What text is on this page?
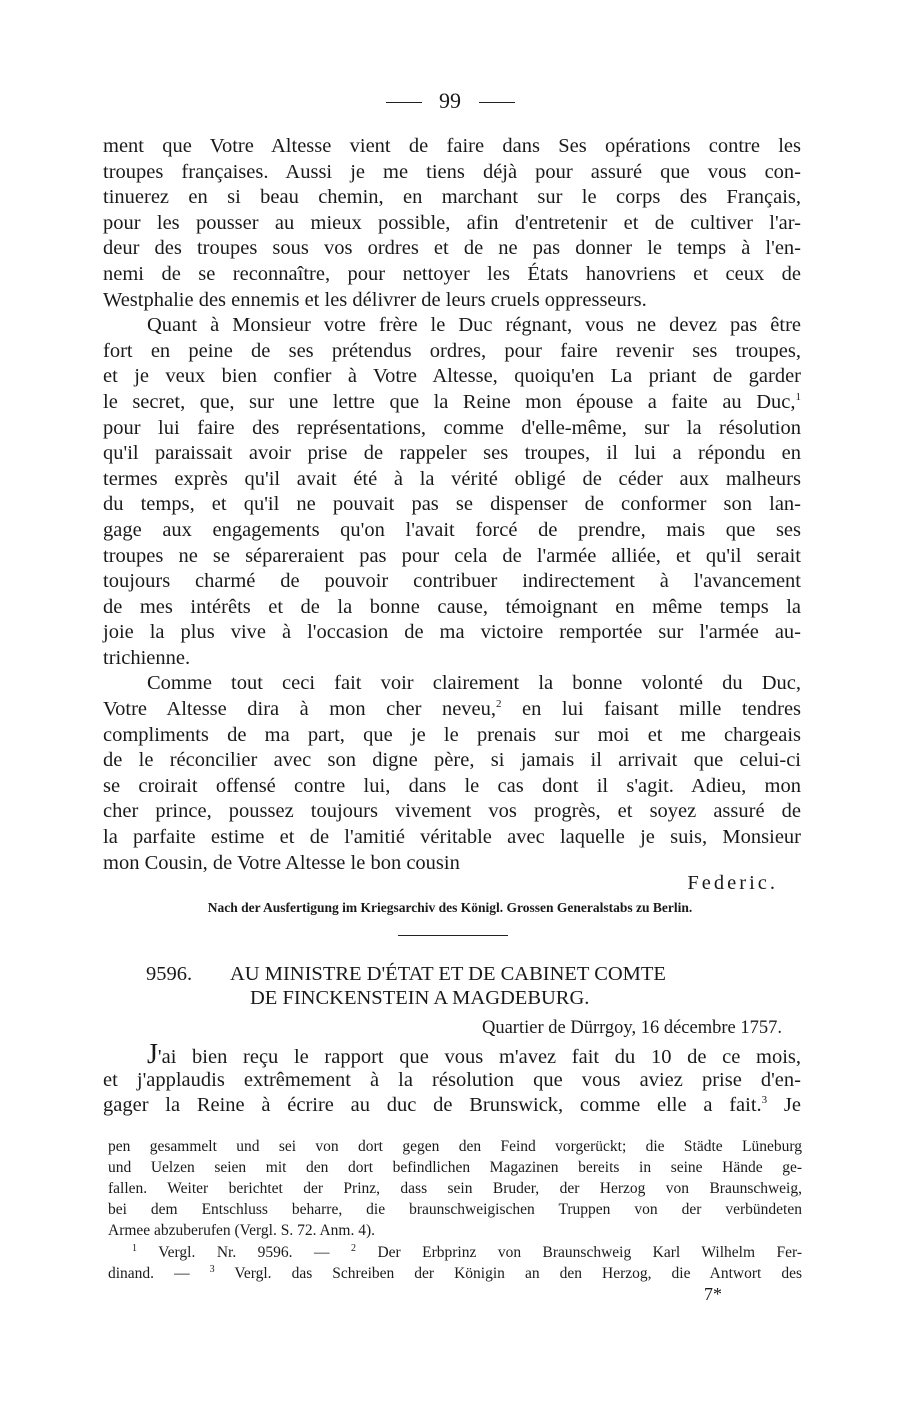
99
ment que Votre Altesse vient de faire dans Ses opérations contre les
troupes françaises. Aussi je me tiens déjà pour assuré que vous con-
tinuerez en si beau chemin, en marchant sur le corps des Français,
pour les pousser au mieux possible, afin d'entretenir et de cultiver l'ar-
deur des troupes sous vos ordres et de ne pas donner le temps à l'en-
nemi de se reconnaître, pour nettoyer les États hanovriens et ceux de
Westphalie des ennemis et les délivrer de leurs cruels oppresseurs.
Quant à Monsieur votre frère le Duc régnant, vous ne devez pas être
fort en peine de ses prétendus ordres, pour faire revenir ses troupes,
et je veux bien confier à Votre Altesse, quoiqu'en La priant de garder
le secret, que, sur une lettre que la Reine mon épouse a faite au Duc,$^1$
pour lui faire des représentations, comme d'elle-même, sur la résolution
qu'il paraissait avoir prise de rappeler ses troupes, il lui a répondu en
termes exprès qu'il avait été à la vérité obligé de céder aux malheurs
du temps, et qu'il ne pouvait pas se dispenser de conformer son lan-
gage aux engagements qu'on l'avait forcé de prendre, mais que ses
troupes ne se sépareraient pas pour cela de l'armée alliée, et qu'il serait
toujours charmé de pouvoir contribuer indirectement à l'avancement
de mes intérêts et de la bonne cause, témoignant en même temps la
joie la plus vive à l'occasion de ma victoire remportée sur l'armée au-
trichienne.
Comme tout ceci fait voir clairement la bonne volonté du Duc,
Votre Altesse dira à mon cher neveu,$^2$ en lui faisant mille tendres
compliments de ma part, que je le prenais sur moi et me chargeais
de le réconcilier avec son digne père, si jamais il arrivait que celui-ci
se croirait offensé contre lui, dans le cas dont il s'agit. Adieu, mon
cher prince, poussez toujours vivement vos progrès, et soyez assuré de
la parfaite estime et de l'amitié véritable avec laquelle je suis, Monsieur
mon Cousin, de Votre Altesse le bon cousin
Federic.
Nach der Ausfertigung im Kriegsarchiv des Königl. Grossen Generalstabs zu Berlin.
9596. AU MINISTRE D'ÉTAT ET DE CABINET COMTE
DE FINCKENSTEIN A MAGDEBURG.
Quartier de Dürrgoy, 16 décembre 1757.
J'ai bien reçu le rapport que vous m'avez fait du 10 de ce mois,
et j'applaudis extrêmement à la résolution que vous aviez prise d'en-
gager la Reine à écrire au duc de Brunswick, comme elle a fait.$^3$ Je
pen gesammelt und sei von dort gegen den Feind vorgerückt; die Städte Lüneburg
und Uelzen seien mit den dort befindlichen Magazinen bereits in seine Hände ge-
fallen. Weiter berichtet der Prinz, dass sein Bruder, der Herzog von Braunschweig,
bei dem Entschluss beharre, die braunschweigischen Truppen von der verbündeten
Armee abzuberufen (Vergl. S. 72. Anm. 4).
$^1$ Vergl. Nr. 9596. — $^2$ Der Erbprinz von Braunschweig Karl Wilhelm Fer-
dinand. — $^3$ Vergl. das Schreiben der Königin an den Herzog, die Antwort des
7*
